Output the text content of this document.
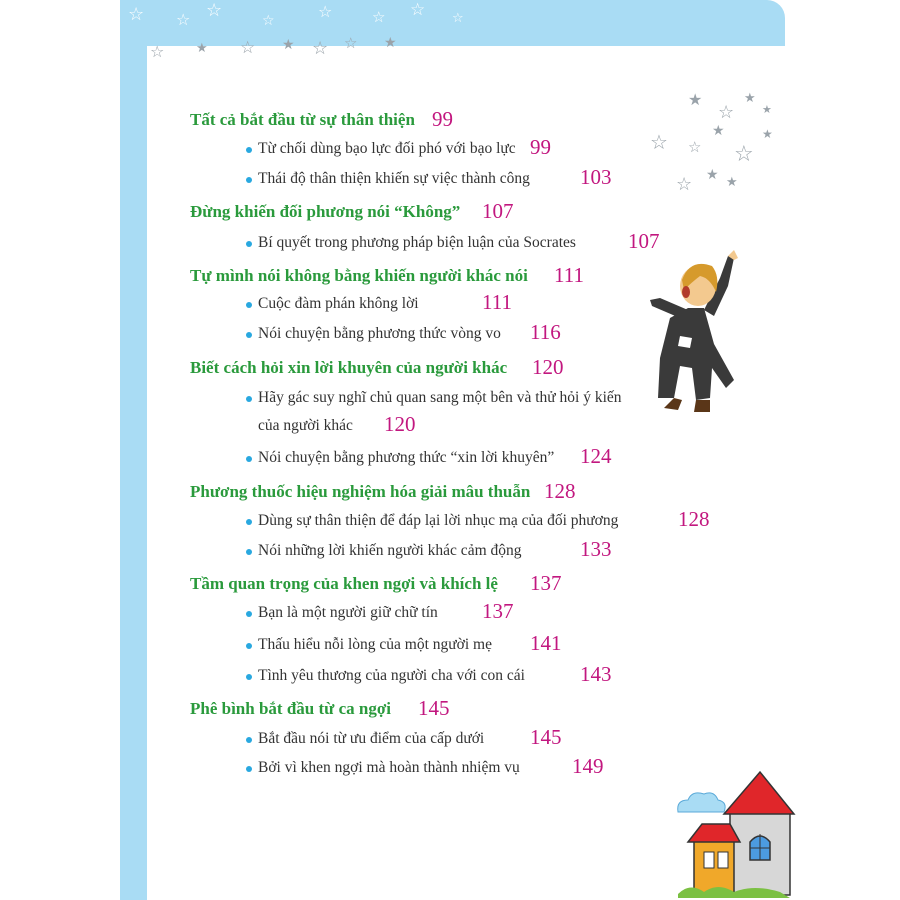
☆ ☆ ☆	☆	☆	☆ ☆ ☆
☆ ★ ☆ ★ ☆ ☆ ★
★
☆
★
☆ ☆
★
☆
★
☆ ★ ★
★
Tất cả bắt đầu từ sự thân thiện 99
Từ chối dùng bạo lực đối phó với bạo lực 99
Thái độ thân thiện khiến sự việc thành công 103
Đừng khiến đối phương nói “Không” 107
Bí quyết trong phương pháp biện luận của Socrates 107
Tự mình nói không bằng khiến người khác nói 111
Cuộc đàm phán không lời	111
Nói chuyện bằng phương thức vòng vo 116
Biết cách hỏi xin lời khuyên của người khác 120
Hãy gác suy nghĩ chủ quan sang một bên và thử hỏi ý kiến
của người khác 120
Nói chuyện bằng phương thức “xin lời khuyên” 124
Phương thuốc hiệu nghiệm hóa giải mâu thuẫn 128
Dùng sự thân thiện để đáp lại lời nhục mạ của đối phương	128
Nói những lời khiến người khác cảm động	133
Tầm quan trọng của khen ngợi và khích lệ 137
Bạn là một người giữ chữ tín 137
Thấu hiểu nỗi lòng của một người mẹ 141
Tình yêu thương của người cha với con cái	143
Phê bình bắt đầu từ ca ngợi 145
Bắt đầu nói từ ưu điểm của cấp dưới 145
Bởi vì khen ngợi mà hoàn thành nhiệm vụ 149
